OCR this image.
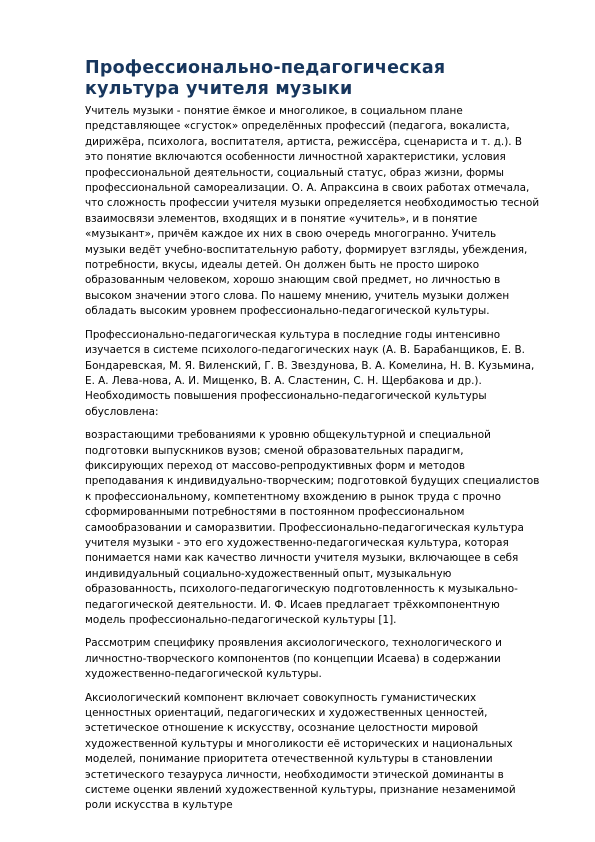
Профессионально-педагогическая культура учителя музыки

Учитель музыки - понятие ёмкое и многоликое, в социальном плане представляющее «сгусток» определённых профессий (педагога, вокалиста, дирижёра, психолога, воспитателя, артиста, режиссёра, сценариста и т. д.). В это понятие включаются особенности личностной характеристики, условия профессиональной деятельности, социальный статус, образ жизни, формы профессиональной самореализации. О. А. Апраксина в своих работах отмечала, что сложность профессии учителя музыки определяется необходимостью тесной взаимосвязи элементов, входящих и в понятие «учитель», и в понятие «музыкант», причём каждое их них в свою очередь многогранно. Учитель музыки ведёт учебно-воспитательную работу, формирует взгляды, убеждения, потребности, вкусы, идеалы детей. Он должен быть не просто широко образованным человеком, хорошо знающим свой предмет, но личностью в высоком значении этого слова. По нашему мнению, учитель музыки должен обладать высоким уровнем профессионально-педагогической культуры.

Профессионально-педагогическая культура в последние годы интенсивно изучается в системе психолого-педагогических наук (А. В. Барабанщиков, Е. В. Бондаревская, М. Я. Виленский, Г. В. Звездунова, В. А. Комелина, Н. В. Кузьмина, Е. А. Лева-нова, А. И. Мищенко, В. А. Сластенин, С. Н. Щербакова и др.). Необходимость повышения профессионально-педагогической культуры обусловлена:

возрастающими требованиями к уровню общекультурной и специальной подготовки выпускников вузов; сменой образовательных парадигм, фиксирующих переход от массово-репродуктивных форм и методов преподавания к индивидуально-творческим; подготовкой будущих специалистов к профессиональному, компетентному вхождению в рынок труда с прочно сформированными потребностями в постоянном профессиональном самообразовании и саморазвитии. Профессионально-педагогическая культура учителя музыки - это его художественно-педагогическая культура, которая понимается нами как качество личности учителя музыки, включающее в себя индивидуальный социально-художественный опыт, музыкальную образованность, психолого-педагогическую подготовленность к музыкально-педагогической деятельности. И. Ф. Исаев предлагает трёхкомпонентную модель профессионально-педагогической культуры [1].

Рассмотрим специфику проявления аксиологического, технологического и личностно-творческого компонентов (по концепции Исаева) в содержании художественно-педагогической культуры.

Аксиологический компонент включает совокупность гуманистических ценностных ориентаций, педагогических и художественных ценностей, эстетическое отношение к искусству, осознание целостности мировой художественной культуры и многоликости её исторических и национальных моделей, понимание приоритета отечественной культуры в становлении эстетического тезауруса личности, необходимости этической доминанты в системе оценки явлений художественной культуры, признание незаменимой роли искусства в культуре
